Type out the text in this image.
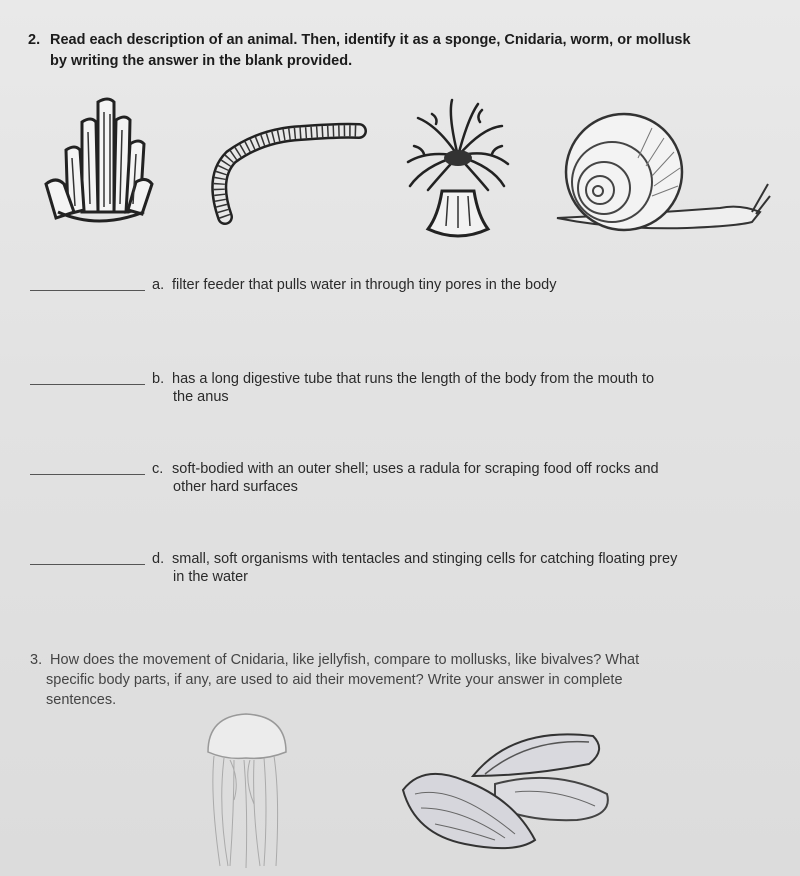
2. Read each description of an animal. Then, identify it as a sponge, Cnidaria, worm, or mollusk
by writing the answer in the blank provided.
a. filter feeder that pulls water in through tiny pores in the body
b. has a long digestive tube that runs the length of the body from the mouth to
the anus
c. soft-bodied with an outer shell; uses a radula for scraping food off rocks and
other hard surfaces
d. small, soft organisms with tentacles and stinging cells for catching floating prey
in the water
3. How does the movement of Cnidaria, like jellyfish, compare to mollusks, like bivalves? What
specific body parts, if any, are used to aid their movement? Write your answer in complete
sentences.
